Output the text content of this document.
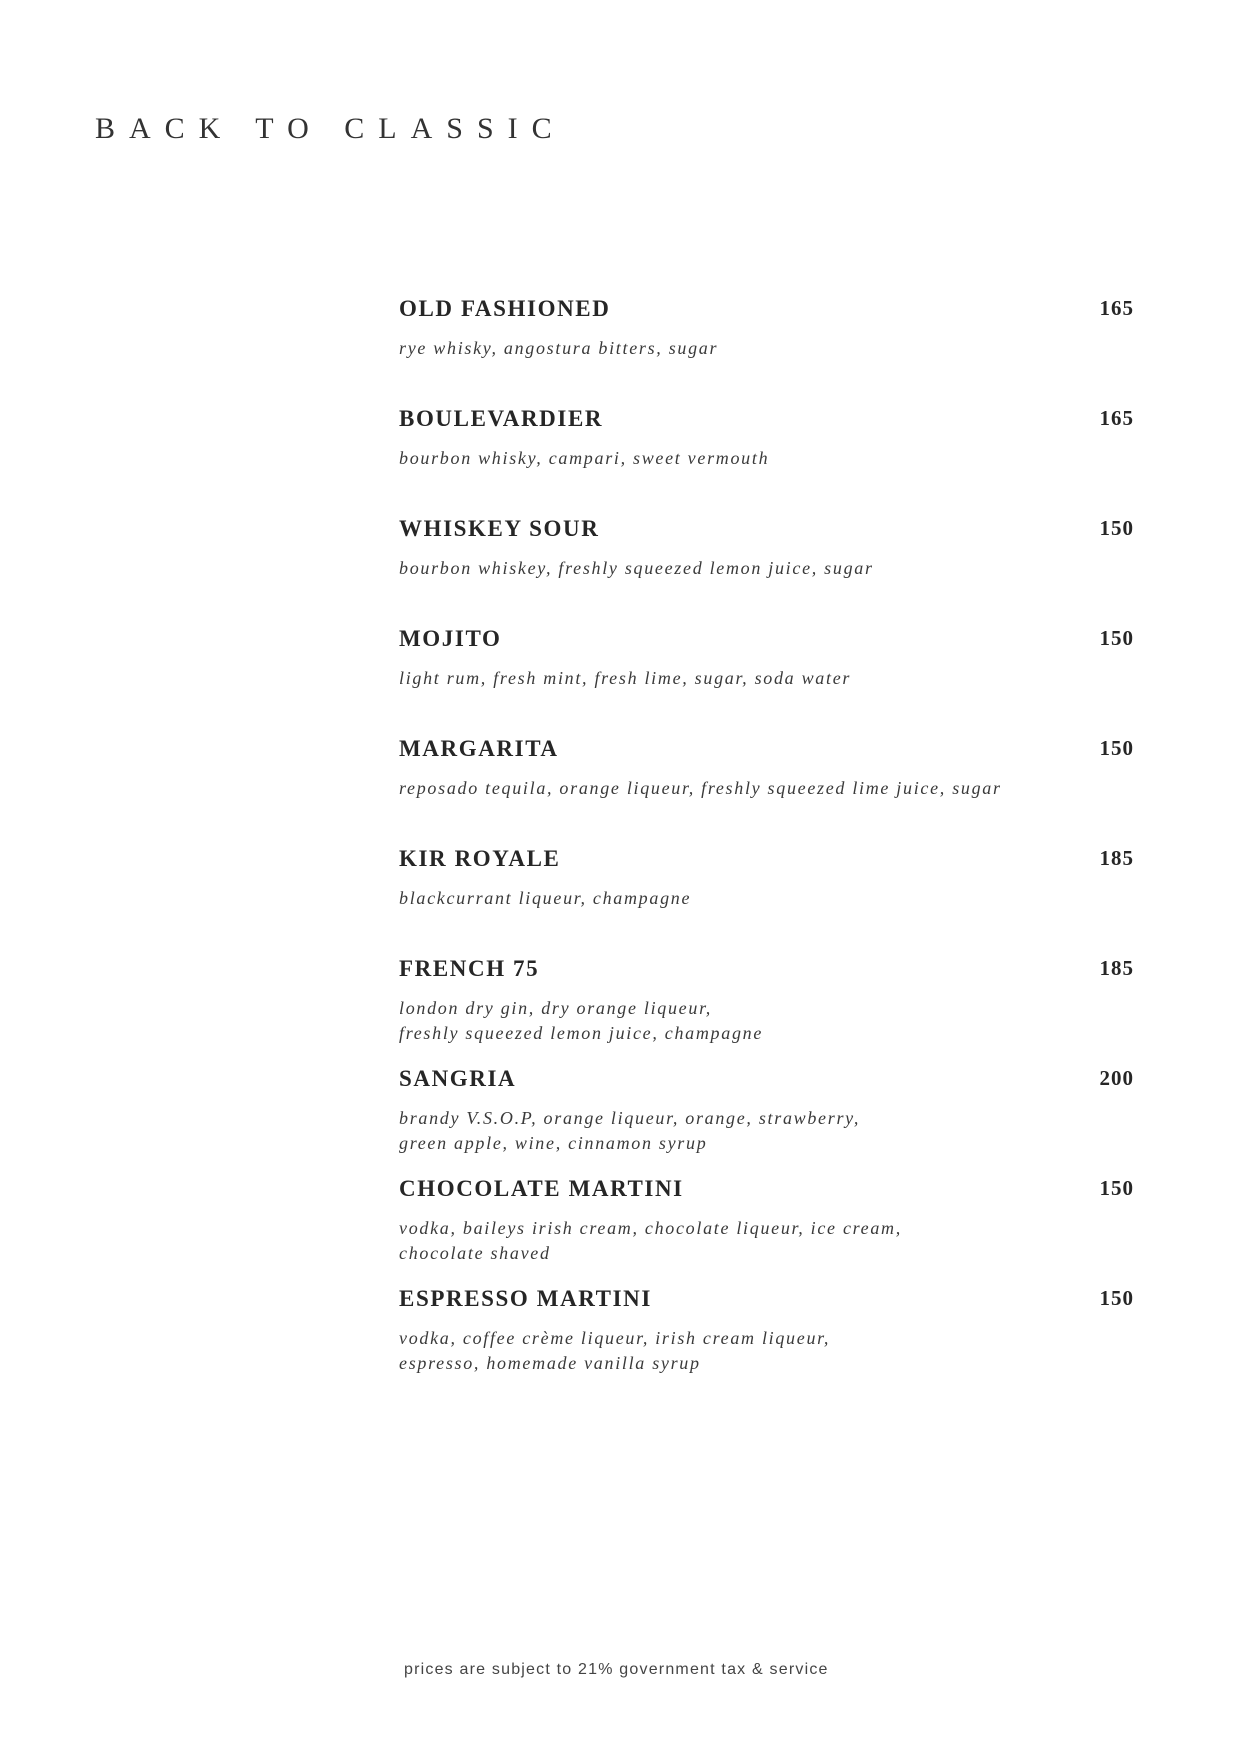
BACK TO CLASSIC
OLD FASHIONED	165
rye whisky, angostura bitters, sugar
BOULEVARDIER	165
bourbon whisky, campari, sweet vermouth
WHISKEY SOUR	150
bourbon whiskey, freshly squeezed lemon juice, sugar
MOJITO	150
light rum, fresh mint, fresh lime, sugar, soda water
MARGARITA	150
reposado tequila, orange liqueur, freshly squeezed lime juice, sugar
KIR ROYALE	185
blackcurrant liqueur, champagne
FRENCH 75	185
london dry gin, dry orange liqueur,
freshly squeezed lemon juice, champagne
SANGRIA	200
brandy V.S.O.P, orange liqueur, orange, strawberry,
green apple, wine, cinnamon syrup
CHOCOLATE MARTINI	150
vodka, baileys irish cream, chocolate liqueur, ice cream,
chocolate shaved
ESPRESSO MARTINI	150
vodka, coffee crème liqueur, irish cream liqueur,
espresso, homemade vanilla syrup
prices are subject to 21% government tax & service
